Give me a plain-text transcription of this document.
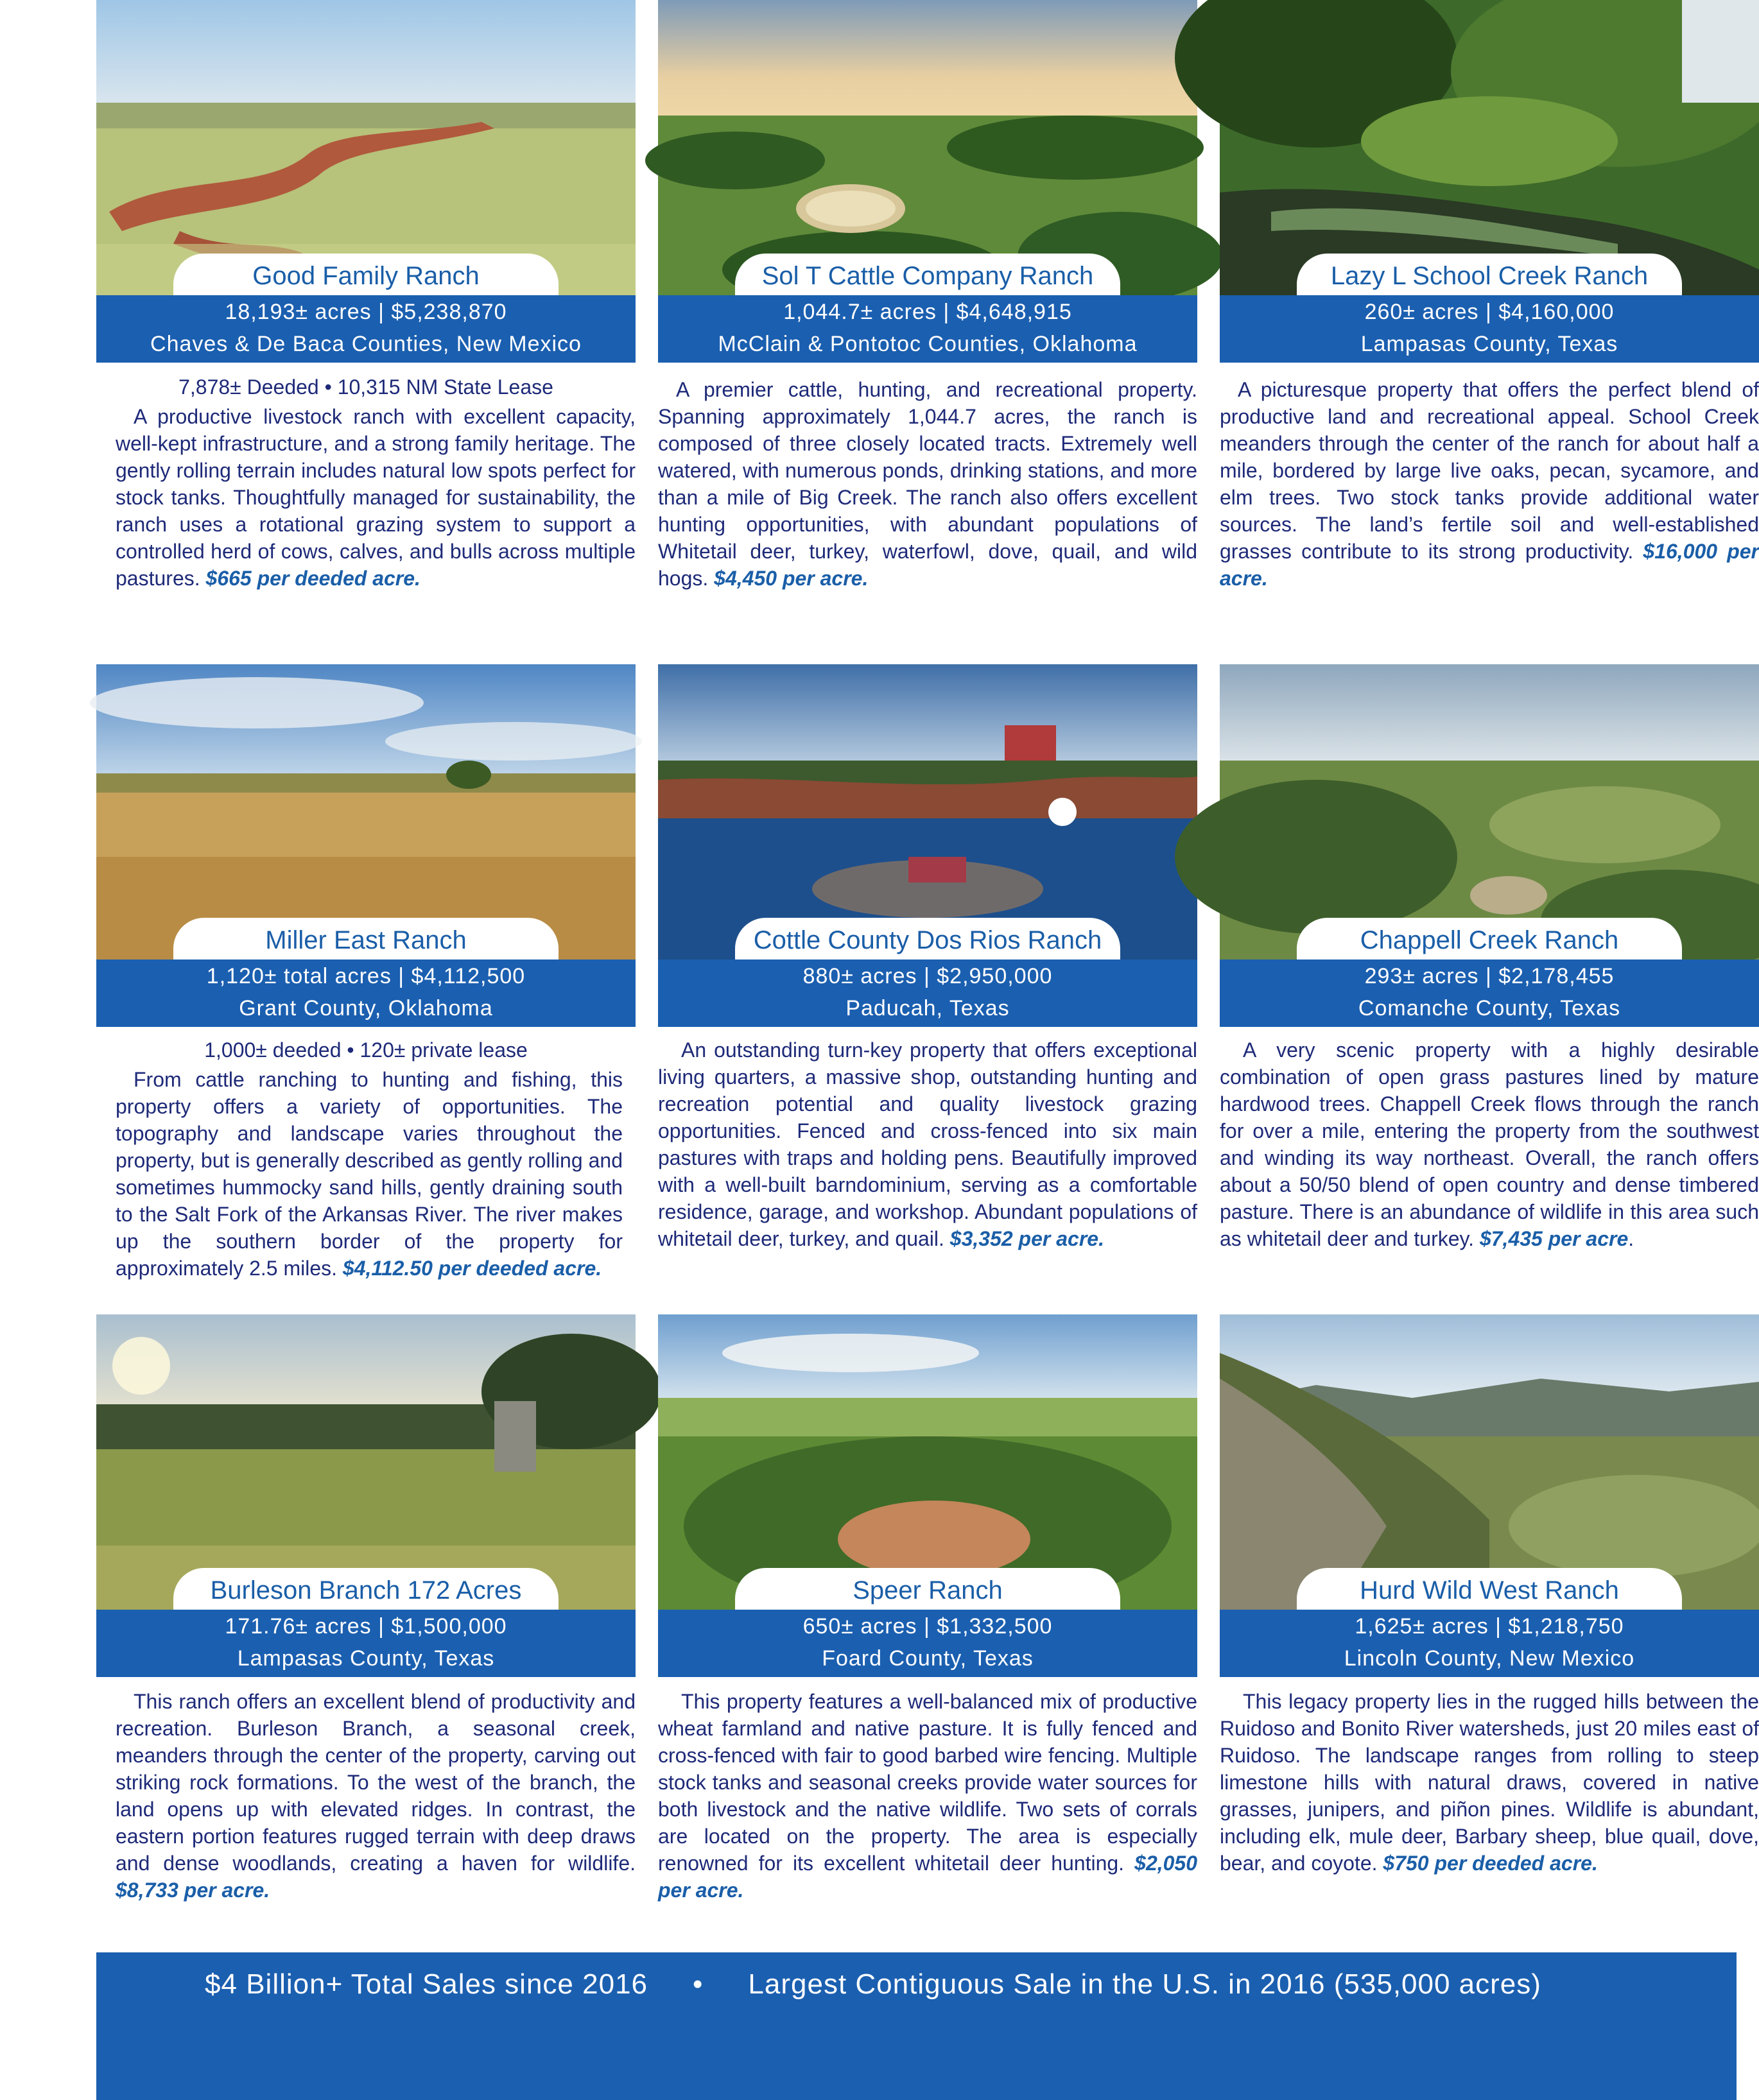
Good Family Ranch
18,193± acres | $5,238,870
Chaves & De Baca Counties, New Mexico
7,878± Deeded • 10,315 NM State Lease

A productive livestock ranch with excellent capacity, well-kept infrastructure, and a strong family heritage. The gently rolling terrain includes natural low spots perfect for stock tanks. Thoughtfully managed for sustainability, the ranch uses a rotational grazing system to support a controlled herd of cows, calves, and bulls across multiple pastures. $665 per deeded acre.

Sol T Cattle Company Ranch
1,044.7± acres | $4,648,915
McClain & Pontotoc Counties, Oklahoma

A premier cattle, hunting, and recreational property. Spanning approximately 1,044.7 acres, the ranch is composed of three closely located tracts. Extremely well watered, with numerous ponds, drinking stations, and more than a mile of Big Creek. The ranch also offers excellent hunting opportunities, with abundant populations of Whitetail deer, turkey, waterfowl, dove, quail, and wild hogs. $4,450 per acre.

Lazy L School Creek Ranch
260± acres | $4,160,000
Lampasas County, Texas

A picturesque property that offers the perfect blend of productive land and recreational appeal. School Creek meanders through the center of the ranch for about half a mile, bordered by large live oaks, pecan, sycamore, and elm trees. Two stock tanks provide additional water sources. The land’s fertile soil and well-established grasses contribute to its strong productivity. $16,000 per acre.

Miller East Ranch
1,120± total acres | $4,112,500
Grant County, Oklahoma
1,000± deeded • 120± private lease

From cattle ranching to hunting and fishing, this property offers a variety of opportunities. The topography and landscape varies throughout the property, but is generally described as gently rolling and sometimes hummocky sand hills, gently draining south to the Salt Fork of the Arkansas River. The river makes up the southern border of the property for approximately 2.5 miles. $4,112.50 per deeded acre.

Cottle County Dos Rios Ranch
880± acres | $2,950,000
Paducah, Texas

An outstanding turn-key property that offers exceptional living quarters, a massive shop, outstanding hunting and recreation potential and quality livestock grazing opportunities. Fenced and cross-fenced into six main pastures with traps and holding pens. Beautifully improved with a well-built barndominium, serving as a comfortable residence, garage, and workshop. Abundant populations of whitetail deer, turkey, and quail. $3,352 per acre.

Chappell Creek Ranch
293± acres | $2,178,455
Comanche County, Texas

A very scenic property with a highly desirable combination of open grass pastures lined by mature hardwood trees. Chappell Creek flows through the ranch for over a mile, entering the property from the southwest and winding its way northeast. Overall, the ranch offers about a 50/50 blend of open country and dense timbered pasture. There is an abundance of wildlife in this area such as whitetail deer and turkey. $7,435 per acre.

Burleson Branch 172 Acres
171.76± acres | $1,500,000
Lampasas County, Texas

This ranch offers an excellent blend of productivity and recreation. Burleson Branch, a seasonal creek, meanders through the center of the property, carving out striking rock formations. To the west of the branch, the land opens up with elevated ridges. In contrast, the eastern portion features rugged terrain with deep draws and dense woodlands, creating a haven for wildlife. $8,733 per acre.

Speer Ranch
650± acres | $1,332,500
Foard County, Texas

This property features a well-balanced mix of productive wheat farmland and native pasture. It is fully fenced and cross-fenced with fair to good barbed wire fencing. Multiple stock tanks and seasonal creeks provide water sources for both livestock and the native wildlife. Two sets of corrals are located on the property. The area is especially renowned for its excellent whitetail deer hunting. $2,050 per acre.

Hurd Wild West Ranch
1,625± acres | $1,218,750
Lincoln County, New Mexico

This legacy property lies in the rugged hills between the Ruidoso and Bonito River watersheds, just 20 miles east of Ruidoso. The landscape ranges from rolling to steep limestone hills with natural draws, covered in native grasses, junipers, and piñon pines. Wildlife is abundant, including elk, mule deer, Barbary sheep, blue quail, dove, bear, and coyote. $750 per deeded acre.

$4 Billion+ Total Sales since 2016 • Largest Contiguous Sale in the U.S. in 2016 (535,000 acres)
